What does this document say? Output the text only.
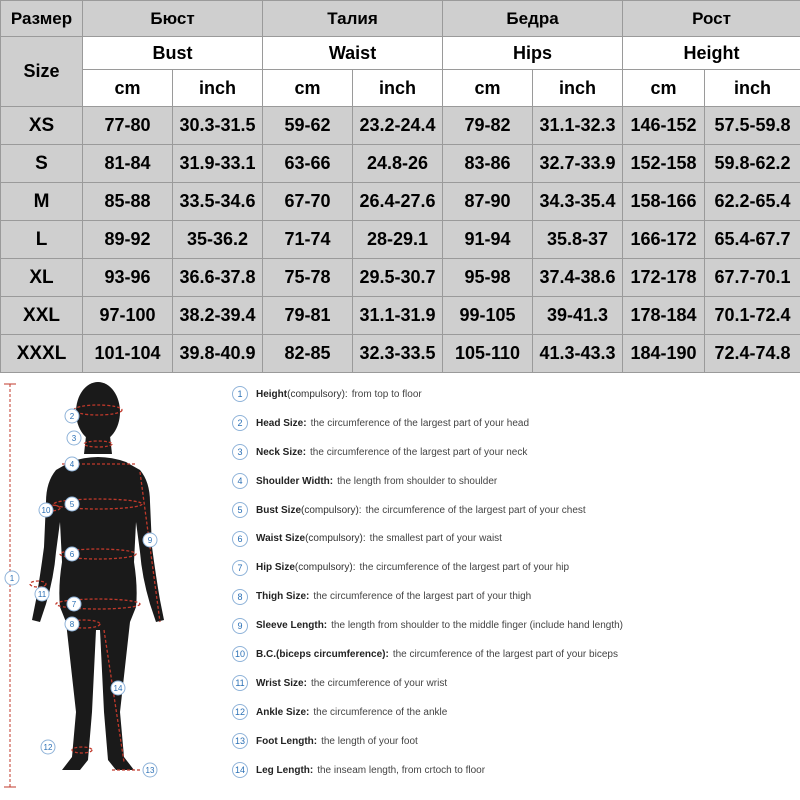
Размер	Бюст		Талия		Бедра		Рост	
Size	Bust		Waist		Hips		Height	
	cm	inch	cm	inch	cm	inch	cm	inch
XS	77-80	30.3-31.5	59-62	23.2-24.4	79-82	31.1-32.3	146-152	57.5-59.8
S	81-84	31.9-33.1	63-66	24.8-26	83-86	32.7-33.9	152-158	59.8-62.2
M	85-88	33.5-34.6	67-70	26.4-27.6	87-90	34.3-35.4	158-166	62.2-65.4
L	89-92	35-36.2	71-74	28-29.1	91-94	35.8-37	166-172	65.4-67.7
XL	93-96	36.6-37.8	75-78	29.5-30.7	95-98	37.4-38.6	172-178	67.7-70.1
XXL	97-100	38.2-39.4	79-81	31.1-31.9	99-105	39-41.3	178-184	70.1-72.4
XXXL	101-104	39.8-40.9	82-85	32.3-33.5	105-110	41.3-43.3	184-190	72.4-74.8
1
2
3
4
5
6
7
8
9
10
11
12
13
14
1	Height (compulsory): from top to floor
2	Head Size: the circumference of the largest part of your head
3	Neck Size: the circumference of the largest part of your neck
4	Shoulder Width: the length from shoulder to shoulder
5	Bust Size (compulsory): the circumference of the largest part of your chest
6	Waist Size (compulsory): the smallest part of your waist
7	Hip Size (compulsory): the circumference of the largest part of your hip
8	Thigh Size: the circumference of the largest part of your thigh
9	Sleeve Length: the length from shoulder to the middle finger (include hand length)
10	B.C.(biceps circumference): the circumference of the largest part of your biceps
11	Wrist Size: the circumference of your wrist
12	Ankle Size: the circumference of the ankle
13	Foot Length: the length of your foot
14	Leg Length: the inseam length, from crtoch to floor
